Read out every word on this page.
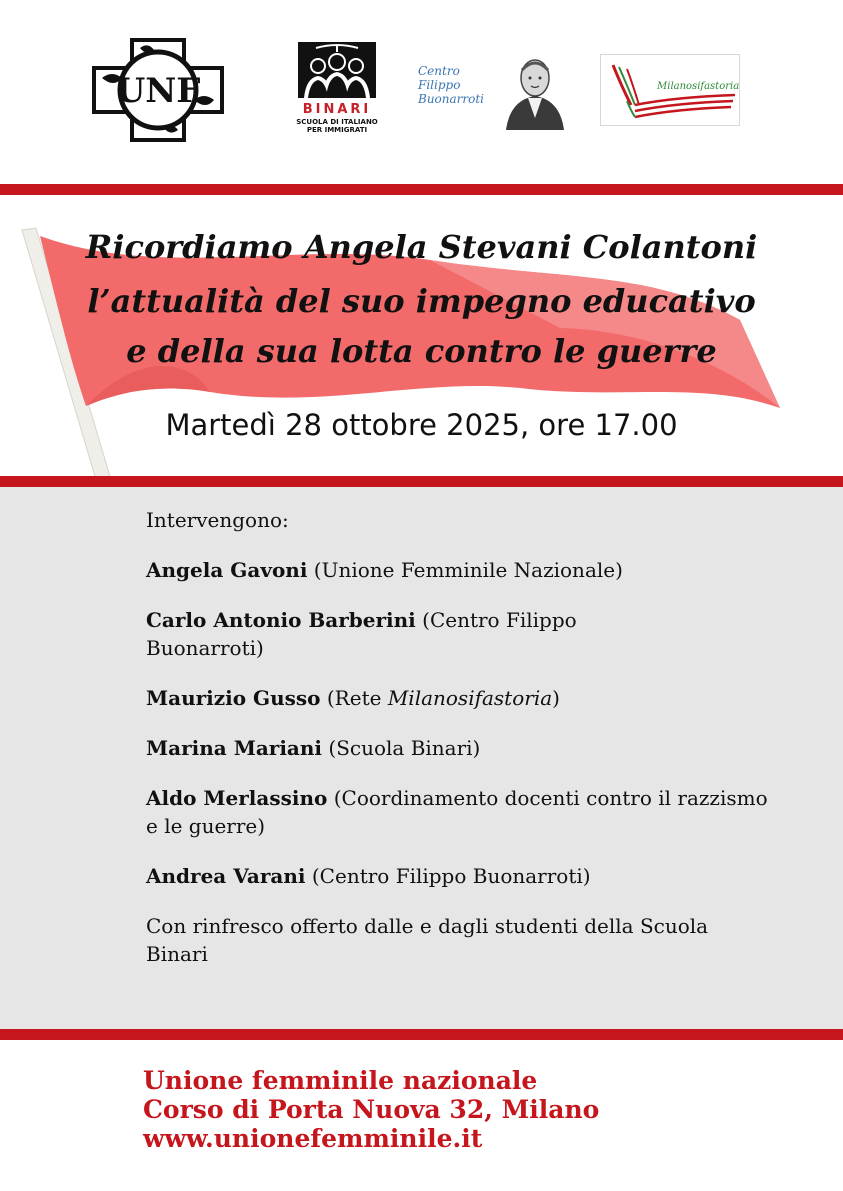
UNF	BINARI
SCUOLA DI ITALIANO PER IMMIGRATI
Centro
Filippo
Buonarroti
Milanosifastoria
Ricordiamo Angela Stevani Colantoni
l’attualità del suo impegno educativo
e della sua lotta contro le guerre
Martedì 28 ottobre 2025, ore 17.00
Intervengono:
Angela Gavoni (Unione Femminile Nazionale)
Carlo Antonio Barberini (Centro Filippo Buonarroti)
Maurizio Gusso (Rete Milanosifastoria)
Marina Mariani (Scuola Binari)
Aldo Merlassino (Coordinamento docenti contro il razzismo e le guerre)
Andrea Varani (Centro Filippo Buonarroti)
Con rinfresco offerto dalle e dagli studenti della Scuola Binari
Unione femminile nazionale
Corso di Porta Nuova 32, Milano
www.unionefemminile.it
